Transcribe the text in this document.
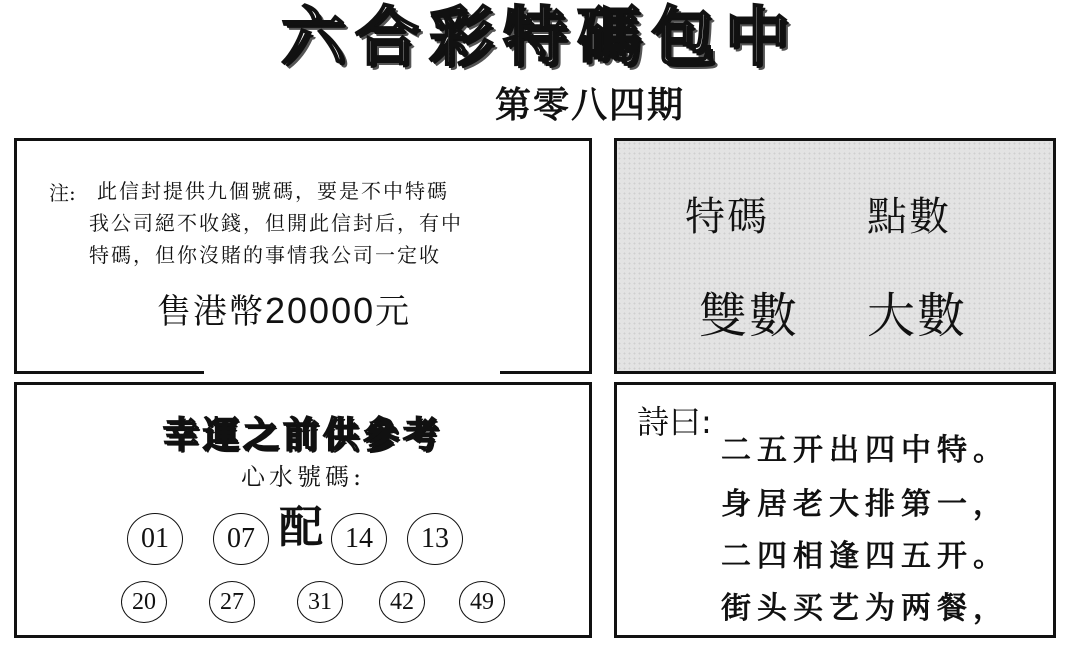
六合彩特碼包中
第零八四期
注: 此信封提供九個號碼，要是不中特碼
我公司絕不收錢，但開此信封后，有中
特碼，但你沒賭的事情我公司一定收
售港幣20000元
特碼 點數
雙數 大數
幸運之前供參考
心水號碼:
配
01	07	14	13
20	27	31	42	49
詩曰:
二五开出四中特。
身居老大排第一，
二四相逢四五开。
街头买艺为两餐，
